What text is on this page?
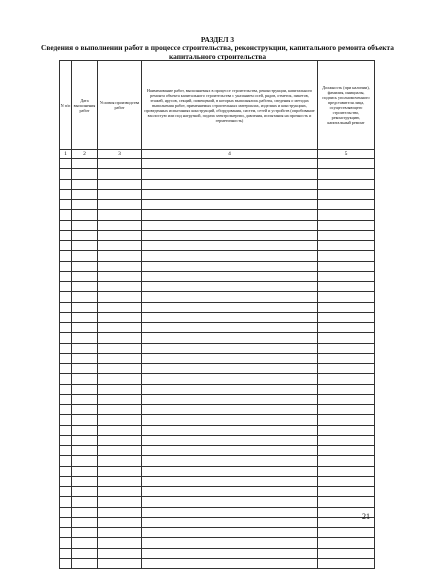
РАЗДЕЛ 3

Сведения о выполнении работ в процессе строительства, реконструкции, капитального ремонта объекта капитального строительства

N п/п	Дата выполнения работ	Условия производства работ	Наименование работ, выполняемых в процессе строительства, реконструкции, капитального ремонта объекта капитального строительства с указанием осей, рядов, отметок, пикетов, этажей, ярусов, секций, помещений, в которых выполнялись работы, сведения о методах выполнения работ, применяемых строительных материалах, изделиях и конструкциях, проведенных испытаниях конструкций, оборудования, систем, сетей и устройств (опробование вхолостую или под нагрузкой, подача электроэнергии, давления, испытания на прочность и герметичность)	Должность (при наличии), фамилия, инициалы, подпись уполномоченного представителя лица, осуществляющего строительство, реконструкцию, капитальный ремонт
1	2	3	4	5

21
